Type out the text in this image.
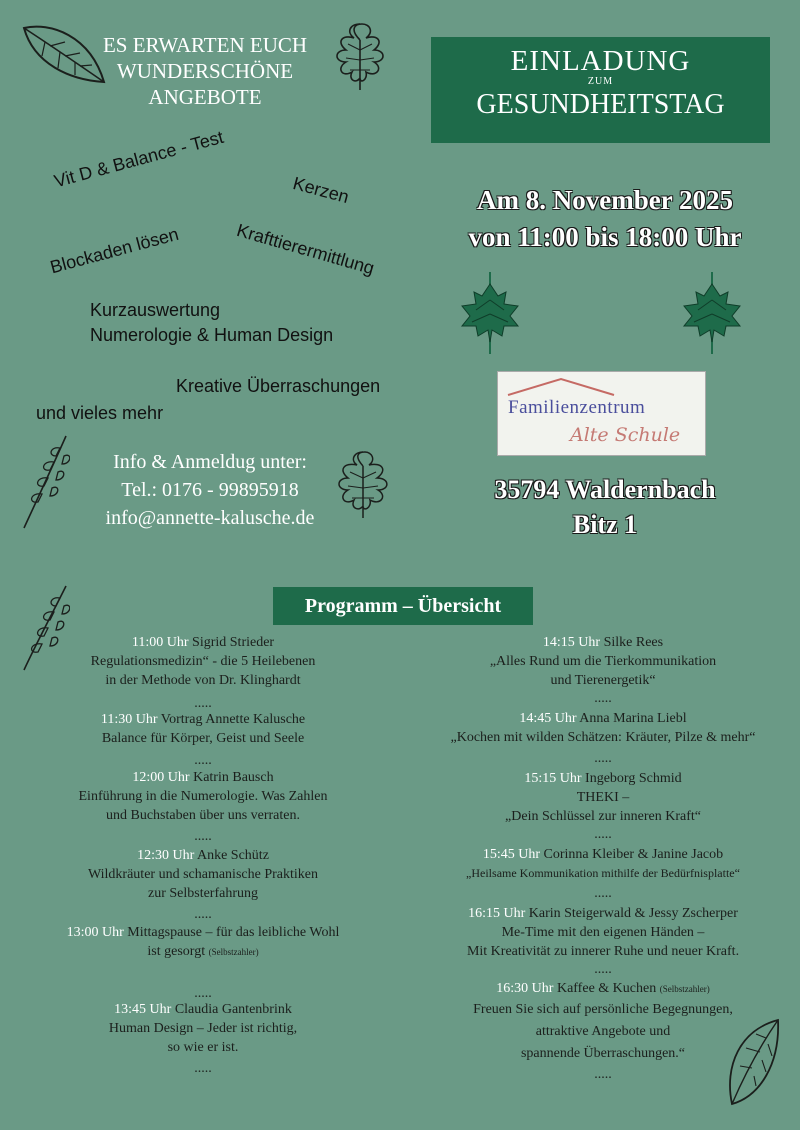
ES ERWARTEN EUCH
WUNDERSCHÖNE
ANGEBOTE
EINLADUNG
ZUM
GESUNDHEITSTAG
Vit D & Balance - Test	Kerzen
Blockaden lösen	Krafttierermittlung
Kurzauswertung
Numerologie & Human Design
Kreative Überraschungen
und vieles mehr
Am 8. November 2025
von 11:00 bis 18:00 Uhr
Familienzentrum
Alte Schule
35794 Waldernbach
Bitz 1
Info & Anmeldug unter:
Tel.: 0176 - 99895918
info@annette-kalusche.de
Programm – Übersicht
11:00 Uhr Sigrid Strieder
Regulationsmedizin“ - die 5 Heilebenen
in der Methode von Dr. Klinghardt
.....
11:30 Uhr Vortrag Annette Kalusche
Balance für Körper, Geist und Seele
.....
12:00 Uhr Katrin Bausch
Einführung in die Numerologie. Was Zahlen
und Buchstaben über uns verraten.
.....
12:30 Uhr Anke Schütz
Wildkräuter und schamanische Praktiken
zur Selbsterfahrung
.....
13:00 Uhr Mittagspause – für das leibliche Wohl
ist gesorgt (Selbstzahler)
.....
13:45 Uhr Claudia Gantenbrink
Human Design – Jeder ist richtig,
so wie er ist.
.....
14:15 Uhr Silke Rees
„Alles Rund um die Tierkommunikation
und Tierenergetik“
.....
14:45 Uhr Anna Marina Liebl
„Kochen mit wilden Schätzen: Kräuter, Pilze & mehr“
.....
15:15 Uhr Ingeborg Schmid
THEKI –
„Dein Schlüssel zur inneren Kraft“
.....
15:45 Uhr Corinna Kleiber & Janine Jacob
„Heilsame Kommunikation mithilfe der Bedürfnisplatte“
.....
16:15 Uhr Karin Steigerwald & Jessy Zscherper
Me-Time mit den eigenen Händen –
Mit Kreativität zu innerer Ruhe und neuer Kraft.
.....
16:30 Uhr Kaffee & Kuchen (Selbstzahler)
Freuen Sie sich auf persönliche Begegnungen,
attraktive Angebote und
spannende Überraschungen.“
.....
